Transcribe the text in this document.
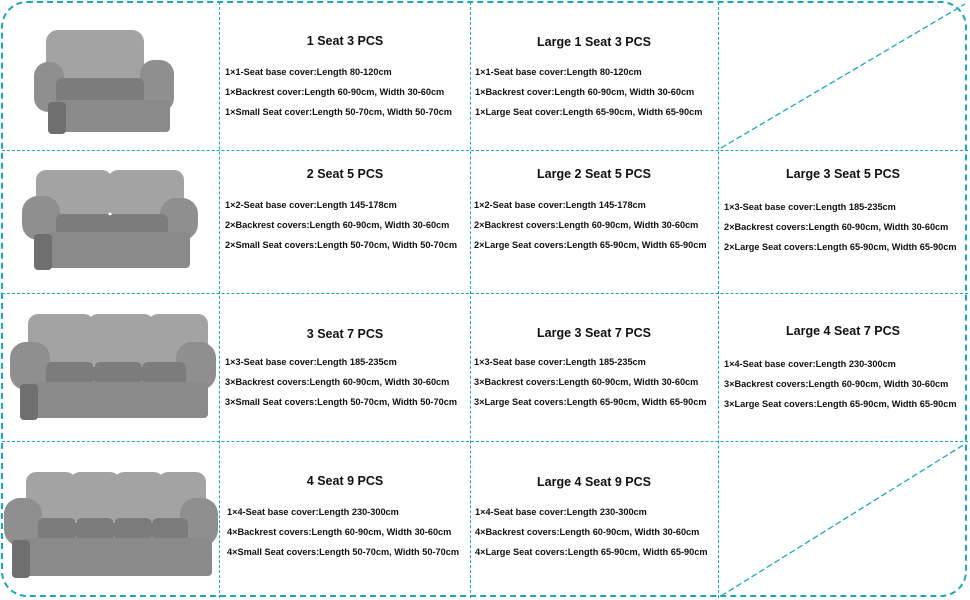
1 Seat 3 PCS
1×1-Seat base cover:Length 80-120cm
1×Backrest cover:Length 60-90cm, Width 30-60cm
1×Small Seat cover:Length 50-70cm, Width 50-70cm
Large 1 Seat 3 PCS
1×1-Seat base cover:Length 80-120cm
1×Backrest cover:Length 60-90cm, Width 30-60cm
1×Large Seat cover:Length 65-90cm, Width 65-90cm
2 Seat 5 PCS
1×2-Seat base cover:Length 145-178cm
2×Backrest covers:Length 60-90cm, Width 30-60cm
2×Small Seat covers:Length 50-70cm, Width 50-70cm
Large 2 Seat 5 PCS
1×2-Seat base cover:Length 145-178cm
2×Backrest covers:Length 60-90cm, Width 30-60cm
2×Large Seat covers:Length 65-90cm, Width 65-90cm
Large 3 Seat 5 PCS
1×3-Seat base cover:Length 185-235cm
2×Backrest covers:Length 60-90cm, Width 30-60cm
2×Large Seat covers:Length 65-90cm, Width 65-90cm
3 Seat 7 PCS
1×3-Seat base cover:Length 185-235cm
3×Backrest covers:Length 60-90cm, Width 30-60cm
3×Small Seat covers:Length 50-70cm, Width 50-70cm
Large 3 Seat 7 PCS
1×3-Seat base cover:Length 185-235cm
3×Backrest covers:Length 60-90cm, Width 30-60cm
3×Large Seat covers:Length 65-90cm, Width 65-90cm
Large 4 Seat 7 PCS
1×4-Seat base cover:Length 230-300cm
3×Backrest covers:Length 60-90cm, Width 30-60cm
3×Large Seat covers:Length 65-90cm, Width 65-90cm
4 Seat 9 PCS
1×4-Seat base cover:Length 230-300cm
4×Backrest covers:Length 60-90cm, Width 30-60cm
4×Small Seat covers:Length 50-70cm, Width 50-70cm
Large 4 Seat 9 PCS
1×4-Seat base cover:Length 230-300cm
4×Backrest covers:Length 60-90cm, Width 30-60cm
4×Large Seat covers:Length 65-90cm, Width 65-90cm
